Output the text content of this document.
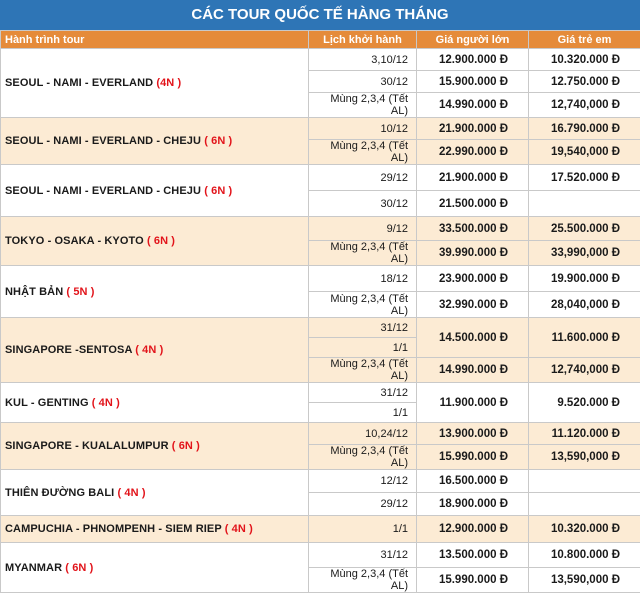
CÁC TOUR QUỐC TẾ HÀNG THÁNG
Hành trình tour	Lịch khởi hành	Giá người lớn	Giá trẻ em
SEOUL - NAMI - EVERLAND (4N )	3,10/12	12.900.000 Đ	10.320.000 Đ
	30/12	15.900.000 Đ	12.750.000 Đ
	Mùng 2,3,4 (Tết AL)	14.990.000 Đ	12,740,000 Đ
SEOUL - NAMI - EVERLAND - CHEJU ( 6N )	10/12	21.900.000 Đ	16.790.000 Đ
	Mùng 2,3,4 (Tết AL)	22.990.000 Đ	19,540,000 Đ
SEOUL - NAMI - EVERLAND - CHEJU ( 6N )	29/12	21.900.000 Đ	17.520.000 Đ
	30/12	21.500.000 Đ	
TOKYO - OSAKA - KYOTO ( 6N )	9/12	33.500.000 Đ	25.500.000 Đ
	Mùng 2,3,4 (Tết AL)	39.990.000 Đ	33,990,000 Đ
NHẬT BẢN ( 5N )	18/12	23.900.000 Đ	19.900.000 Đ
	Mùng 2,3,4 (Tết AL)	32.990.000 Đ	28,040,000 Đ
SINGAPORE -SENTOSA ( 4N )	31/12	14.500.000 Đ	11.600.000 Đ
	1/1		
	Mùng 2,3,4 (Tết AL)	14.990.000 Đ	12,740,000 Đ
KUL - GENTING ( 4N )	31/12	11.900.000 Đ	9.520.000 Đ
	1/1		
SINGAPORE - KUALALUMPUR ( 6N )	10,24/12	13.900.000 Đ	11.120.000 Đ
	Mùng 2,3,4 (Tết AL)	15.990.000 Đ	13,590,000 Đ
THIÊN ĐƯỜNG BALI ( 4N )	12/12	16.500.000 Đ	
	29/12	18.900.000 Đ	
CAMPUCHIA - PHNOMPENH - SIEM RIEP ( 4N )	1/1	12.900.000 Đ	10.320.000 Đ
MYANMAR ( 6N )	31/12	13.500.000 Đ	10.800.000 Đ
	Mùng 2,3,4 (Tết AL)	15.990.000 Đ	13,590,000 Đ
